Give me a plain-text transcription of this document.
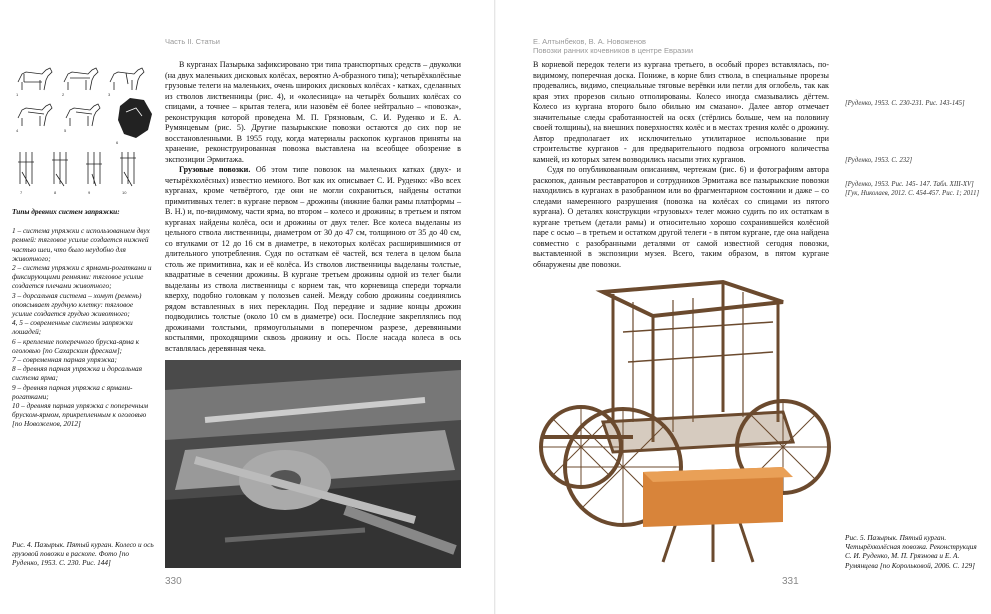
Часть II. Статьи
1	2	3
4	5
6
7	8	9	10
Типы древних систем запряжки:

1 – система упряжки с использованием двух ремней: тягловое усилие создается нижней частью шеи, что было неудобно для животного;

2 – система упряжки с ярмами-рогатками и фиксирующими ремнями: тягловое усилие создается плечами животного;

3 – дорсальная система – хомут (ремень) опоясывает грудную клетку: тягловое усилие создается грудью животного;

4, 5 – современные системы запряжки лошадей;

6 – крепление поперечного бруска-ярма к оголовью [по Сахарским фрескам];

7 – современная парная упряжка;

8 – древняя парная упряжка и дорсальная система ярма;

9 – древняя парная упряжка с ярмами-рогатками;

10 – древняя парная упряжка с поперечным бруском-ярмом, прикрепленным к оголовью [по Новоженов, 2012]

В курганах Пазырыка зафиксировано три типа транспортных средств – двуколки (на двух маленьких дисковых колёсах, вероятно А-образного типа); четырёхколёсные грузовые телеги на маленьких, очень широких дисковых колёсах - катках, сделанных из стволов лиственницы (рис. 4), и «колесница» на четырёх больших колёсах со спицами, а точнее – крытая телега, или назовём её более нейтрально – «повозка», реконструкция которой проведена М. П. Грязновым, С. И. Руденко и Е. А. Румянцевым (рис. 5). Другие пазырыкские повозки остаются до сих пор не восстановленными. В 1955 году, когда материалы раскопок курганов приняты на хранение, реконструированная повозка выставлена на всеобщее обозрение в экспозиции Эрмитажа.

Грузовые повозки. Об этом типе повозок на маленьких катках (двух- и четырёхколёсных) известно немного. Вот как их описывает С. И. Руденко: «Во всех курганах, кроме четвёртого, где они не могли сохраниться, найдены остатки примитивных телег: в кургане первом – дрожины (нижние балки рамы платформы – В. Н.) и, по-видимому, части ярма, во втором – колесо и дрожины; в третьем и пятом курганах найдены колёса, оси и дрожины от двух телег. Все колеса выделаны из цельного ствола лиственницы, диаметром от 30 до 47 см, толщиною от 35 до 40 см, со втулками от 12 до 16 см в диаметре, в некоторых колёсах расширившимися от длительного употребления. Судя по остаткам её частей, вся телега в целом была столь же примитивна, как и её колёса. Из стволов лиственницы выделаны толстые, квадратные в сечении дрожины. В кургане третьем дрожины одной из телег были выделаны из ствола лиственницы с корнем так, что корневища спереди торчали кверху, подобно головкам у полозьев саней. Между собою дрожины соединялись рядом вставленных в них перекладин. Под передние и задние концы дрожин подводились толстые (около 10 см в диаметре) оси. Последние закреплялись под дрожинами толстыми, прямоугольными в поперечном разрезе, деревянными костылями, проходящими сквозь дрожину и ось. После насада колеса в ось вставлялась деревянная чека.

Рис. 4. Пазырык. Пятый курган. Колесо и ось грузовой повозки в раскопе. Фото [по Руденко, 1953. С. 230. Рис. 144]
330
Е. Алтынбеков, В. А. Новоженов
Повозки ранних кочевников в центре Евразии

В корневой передок телеги из кургана третьего, в особый прорез вставлялась, по-видимому, поперечная доска. Пониже, в корне близ ствола, в специальные прорезы продевались, видимо, специальные тяговые верёвки или петли для оглобель, так как края этих прорезов сильно отполированы. Колесо иногда смазывались дёгтем. Колесо из кургана второго было обильно им смазано». Далее автор отмечает значительные следы сработанностей на осях (стёрлись больше, чем на половину своей толщины), на внешних поверхностях колёс и в местах трения колёс о дрожину. Автор предполагает их исключительно утилитарное использование при строительстве курганов - для предварительного подвоза огромного количества камней, из которых затем возводились насыпи этих курганов.

Судя по опубликованным описаниям, чертежам (рис. 6) и фотографиям автора раскопок, данным реставраторов и сотрудников Эрмитажа все пазырыкские повозки находились в курганах в разобранном или во фрагментарном состоянии и даже – со следами намеренного разрушения (повозка на колёсах со спицами из пятого кургана). О деталях конструкции «грузовых» телег можно судить по их остаткам в кургане третьем (детали рамы) и относительно хорошо сохранившейся колёсной паре с осью – в третьем и остатком другой телеги - в пятом кургане, где она найдена совместно с разобранными деталями от самой известной сегодня повозки, выставленной в экспозиции музея. Всего, таким образом, в пятом кургане обнаружены две повозки.

[Руденко, 1953. С. 230-231. Рис. 143-145]
[Руденко, 1953. С. 232]
[Руденко, 1953. Рис. 145- 147. Табл. XIII-XV]
[Гук, Николаев, 2012. С. 454-457. Рис. 1; 2011]
Рис. 5. Пазырык. Пятый курган. Четырёхколёсная повозка. Реконструкция С. И. Руденко, М. П. Грязнова и Е. А. Румянцева [по Корольковой, 2006. С. 129]
331
